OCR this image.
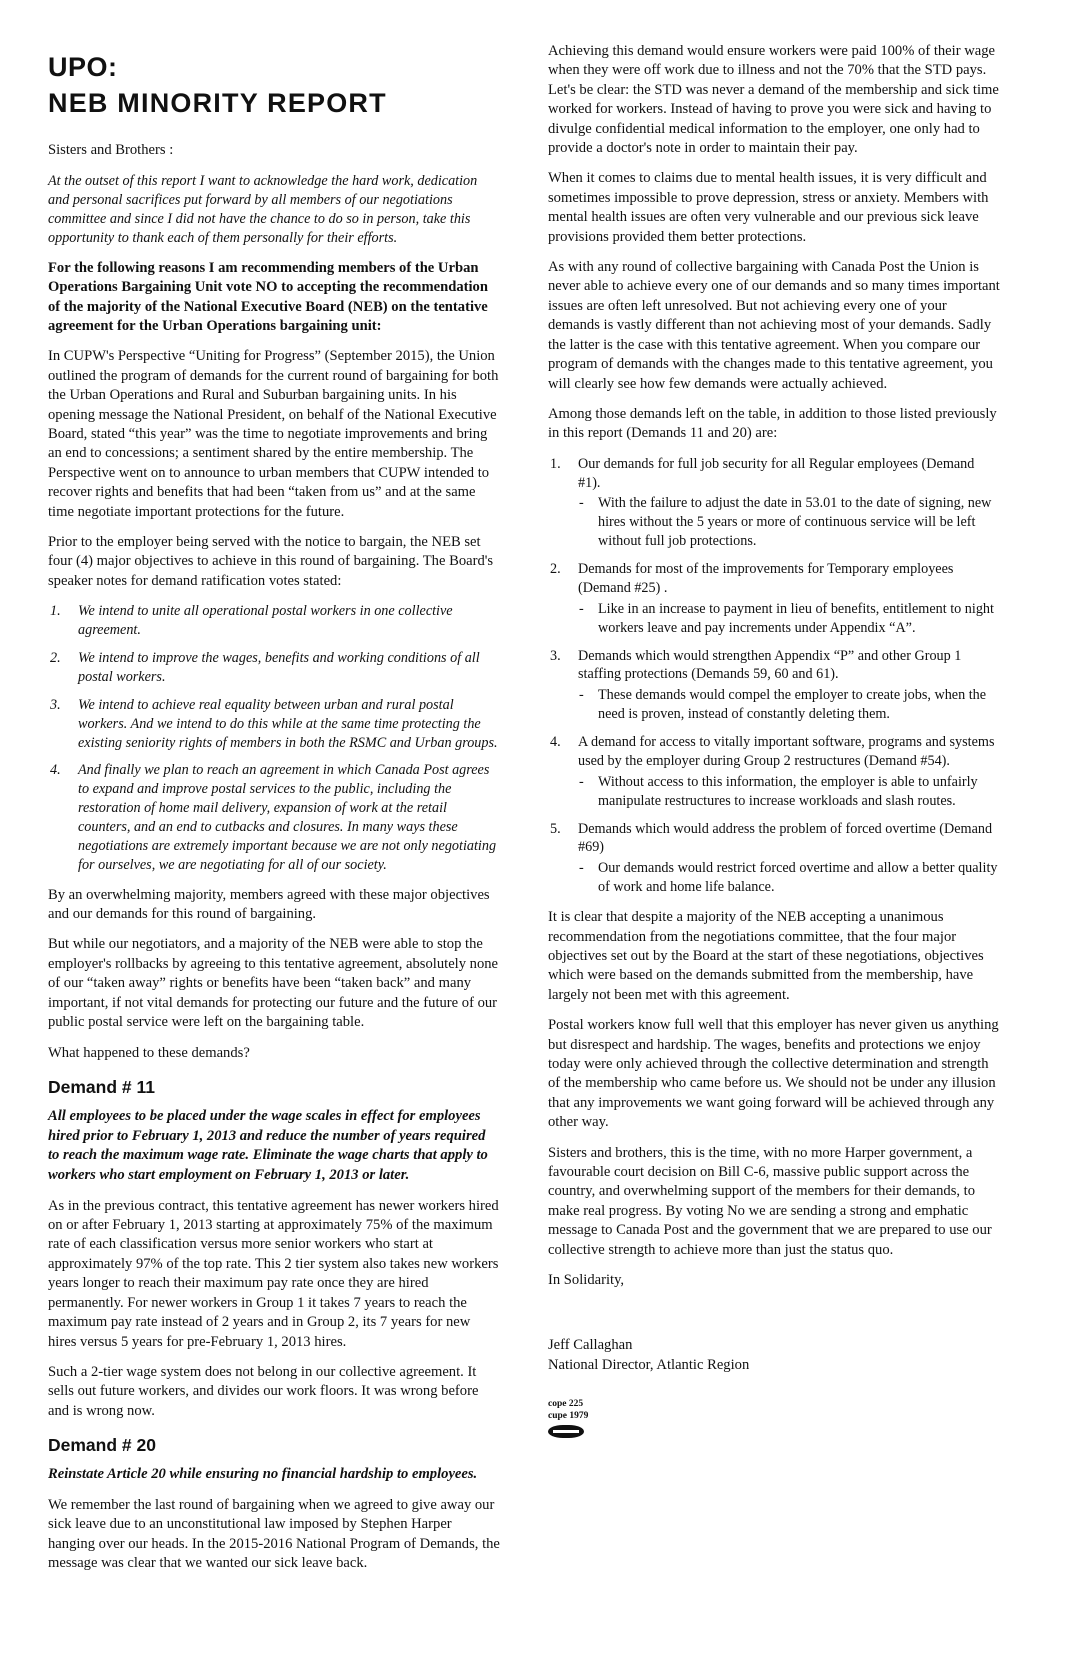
UPO:
NEB MINORITY REPORT

Sisters and Brothers :

At the outset of this report I want to acknowledge the hard work, dedication and personal sacrifices put forward by all members of our negotiations committee and since I did not have the chance to do so in person, take this opportunity to thank each of them personally for their efforts.

For the following reasons I am recommending members of the Urban Operations Bargaining Unit vote NO to accepting the recommendation of the majority of the National Executive Board (NEB) on the tentative agreement for the Urban Operations bargaining unit:

In CUPW's Perspective “Uniting for Progress” (September 2015), the Union outlined the program of demands for the current round of bargaining for both the Urban Operations and Rural and Suburban bargaining units. In his opening message the National President, on behalf of the National Executive Board, stated “this year” was the time to negotiate improvements and bring an end to concessions; a sentiment shared by the entire membership. The Perspective went on to announce to urban members that CUPW intended to recover rights and benefits that had been “taken from us” and at the same time negotiate important protections for the future.

Prior to the employer being served with the notice to bargain, the NEB set four (4) major objectives to achieve in this round of bargaining. The Board's speaker notes for demand ratification votes stated:

1. We intend to unite all operational postal workers in one collective agreement.
2. We intend to improve the wages, benefits and working conditions of all postal workers.
3. We intend to achieve real equality between urban and rural postal workers. And we intend to do this while at the same time protecting the existing seniority rights of members in both the RSMC and Urban groups.
4. And finally we plan to reach an agreement in which Canada Post agrees to expand and improve postal services to the public, including the restoration of home mail delivery, expansion of work at the retail counters, and an end to cutbacks and closures. In many ways these negotiations are extremely important because we are not only negotiating for ourselves, we are negotiating for all of our society.

By an overwhelming majority, members agreed with these major objectives and our demands for this round of bargaining.

But while our negotiators, and a majority of the NEB were able to stop the employer's rollbacks by agreeing to this tentative agreement, absolutely none of our “taken away” rights or benefits have been “taken back” and many important, if not vital demands for protecting our future and the future of our public postal service were left on the bargaining table.

What happened to these demands?

Demand # 11

All employees to be placed under the wage scales in effect for employees hired prior to February 1, 2013 and reduce the number of years required to reach the maximum wage rate. Eliminate the wage charts that apply to workers who start employment on February 1, 2013 or later.

As in the previous contract, this tentative agreement has newer workers hired on or after February 1, 2013 starting at approximately 75% of the maximum rate of each classification versus more senior workers who start at approximately 97% of the top rate. This 2 tier system also takes new workers years longer to reach their maximum pay rate once they are hired permanently. For newer workers in Group 1 it takes 7 years to reach the maximum pay rate instead of 2 years and in Group 2, its 7 years for new hires versus 5 years for pre-February 1, 2013 hires.

Such a 2-tier wage system does not belong in our collective agreement. It sells out future workers, and divides our work floors. It was wrong before and is wrong now.

Demand # 20

Reinstate Article 20 while ensuring no financial hardship to employees.

We remember the last round of bargaining when we agreed to give away our sick leave due to an unconstitutional law imposed by Stephen Harper hanging over our heads. In the 2015-2016 National Program of Demands, the message was clear that we wanted our sick leave back.

Achieving this demand would ensure workers were paid 100% of their wage when they were off work due to illness and not the 70% that the STD pays. Let's be clear: the STD was never a demand of the membership and sick time worked for workers. Instead of having to prove you were sick and having to divulge confidential medical information to the employer, one only had to provide a doctor's note in order to maintain their pay.

When it comes to claims due to mental health issues, it is very difficult and sometimes impossible to prove depression, stress or anxiety. Members with mental health issues are often very vulnerable and our previous sick leave provisions provided them better protections.

As with any round of collective bargaining with Canada Post the Union is never able to achieve every one of our demands and so many times important issues are often left unresolved. But not achieving every one of your demands is vastly different than not achieving most of your demands. Sadly the latter is the case with this tentative agreement. When you compare our program of demands with the changes made to this tentative agreement, you will clearly see how few demands were actually achieved.

Among those demands left on the table, in addition to those listed previously in this report (Demands 11 and 20) are:

1. Our demands for full job security for all Regular employees (Demand #1).
- With the failure to adjust the date in 53.01 to the date of signing, new hires without the 5 years or more of continuous service will be left without full job protections.
2. Demands for most of the improvements for Temporary employees (Demand #25) .
- Like in an increase to payment in lieu of benefits, entitlement to night workers leave and pay increments under Appendix “A”.
3. Demands which would strengthen Appendix “P” and other Group 1 staffing protections (Demands 59, 60 and 61).
- These demands would compel the employer to create jobs, when the need is proven, instead of constantly deleting them.
4. A demand for access to vitally important software, programs and systems used by the employer during Group 2 restructures (Demand #54).
- Without access to this information, the employer is able to unfairly manipulate restructures to increase workloads and slash routes.
5. Demands which would address the problem of forced overtime (Demand #69)
- Our demands would restrict forced overtime and allow a better quality of work and home life balance.

It is clear that despite a majority of the NEB accepting a unanimous recommendation from the negotiations committee, that the four major objectives set out by the Board at the start of these negotiations, objectives which were based on the demands submitted from the membership, have largely not been met with this agreement.

Postal workers know full well that this employer has never given us anything but disrespect and hardship. The wages, benefits and protections we enjoy today were only achieved through the collective determination and strength of the membership who came before us. We should not be under any illusion that any improvements we want going forward will be achieved through any other way.

Sisters and brothers, this is the time, with no more Harper government, a favourable court decision on Bill C-6, massive public support across the country, and overwhelming support of the members for their demands, to make real progress. By voting No we are sending a strong and emphatic message to Canada Post and the government that we are prepared to use our collective strength to achieve more than just the status quo.

In Solidarity,

Jeff Callaghan

National Director, Atlantic Region

cope 225
cupe 1979
